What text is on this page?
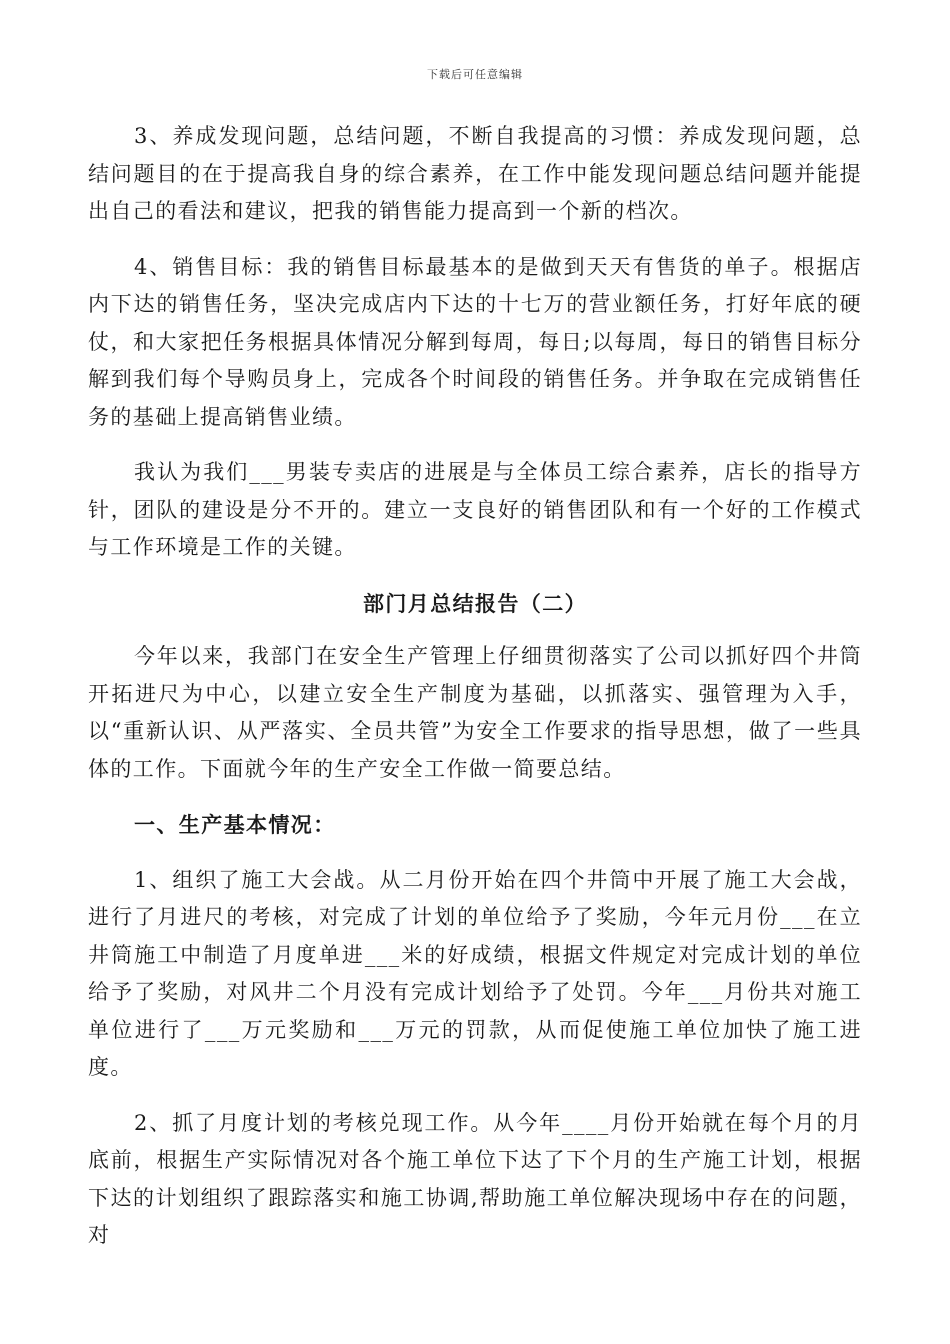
下载后可任意编辑

3、养成发现问题，总结问题，不断自我提高的习惯：养成发现问题，总结问题目的在于提高我自身的综合素养，在工作中能发现问题总结问题并能提出自己的看法和建议，把我的销售能力提高到一个新的档次。

4、销售目标：我的销售目标最基本的是做到天天有售货的单子。根据店内下达的销售任务，坚决完成店内下达的十七万的营业额任务，打好年底的硬仗，和大家把任务根据具体情况分解到每周，每日;以每周，每日的销售目标分解到我们每个导购员身上，完成各个时间段的销售任务。并争取在完成销售任务的基础上提高销售业绩。

我认为我们___男装专卖店的进展是与全体员工综合素养，店长的指导方针，团队的建设是分不开的。建立一支良好的销售团队和有一个好的工作模式与工作环境是工作的关键。

部门月总结报告（二）

今年以来，我部门在安全生产管理上仔细贯彻落实了公司以抓好四个井筒开拓进尺为中心，以建立安全生产制度为基础，以抓落实、强管理为入手，以“重新认识、从严落实、全员共管”为安全工作要求的指导思想，做了一些具体的工作。下面就今年的生产安全工作做一简要总结。

一、生产基本情况：

1、组织了施工大会战。从二月份开始在四个井筒中开展了施工大会战，进行了月进尺的考核，对完成了计划的单位给予了奖励，今年元月份___在立井筒施工中制造了月度单进___米的好成绩，根据文件规定对完成计划的单位给予了奖励，对风井二个月没有完成计划给予了处罚。今年___月份共对施工单位进行了___万元奖励和___万元的罚款，从而促使施工单位加快了施工进度。

2、抓了月度计划的考核兑现工作。从今年____月份开始就在每个月的月底前，根据生产实际情况对各个施工单位下达了下个月的生产施工计划，根据下达的计划组织了跟踪落实和施工协调,帮助施工单位解决现场中存在的问题，对
